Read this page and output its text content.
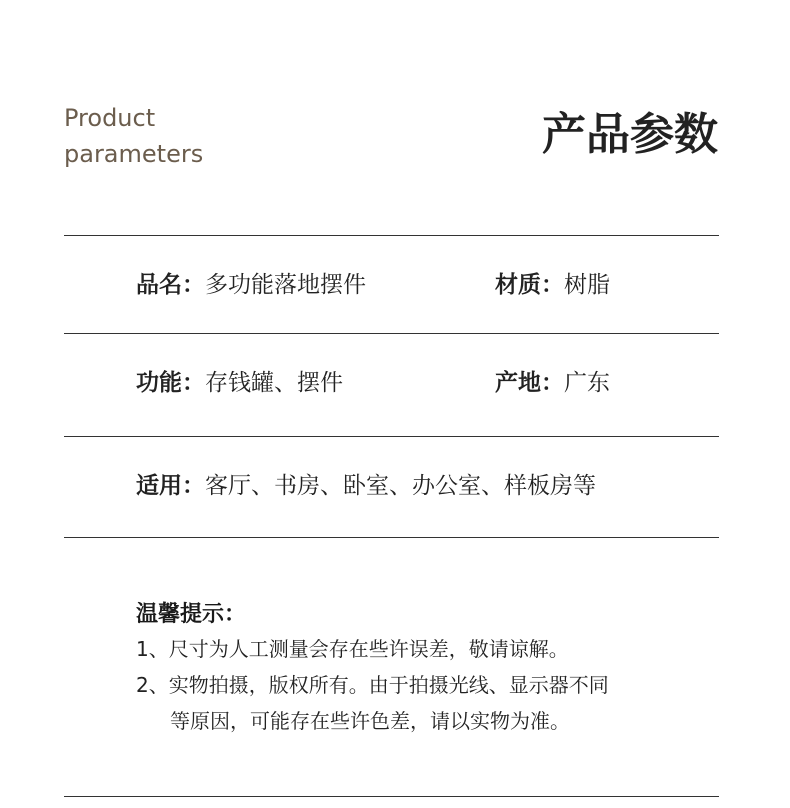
Product
parameters	产品参数
品名：多功能落地摆件	材质：树脂
功能：存钱罐、摆件	产地：广东
适用：客厅、书房、卧室、办公室、样板房等
温馨提示：
1、尺寸为人工测量会存在些许误差，敬请谅解。
2、实物拍摄，版权所有。由于拍摄光线、显示器不同
等原因，可能存在些许色差，请以实物为准。
